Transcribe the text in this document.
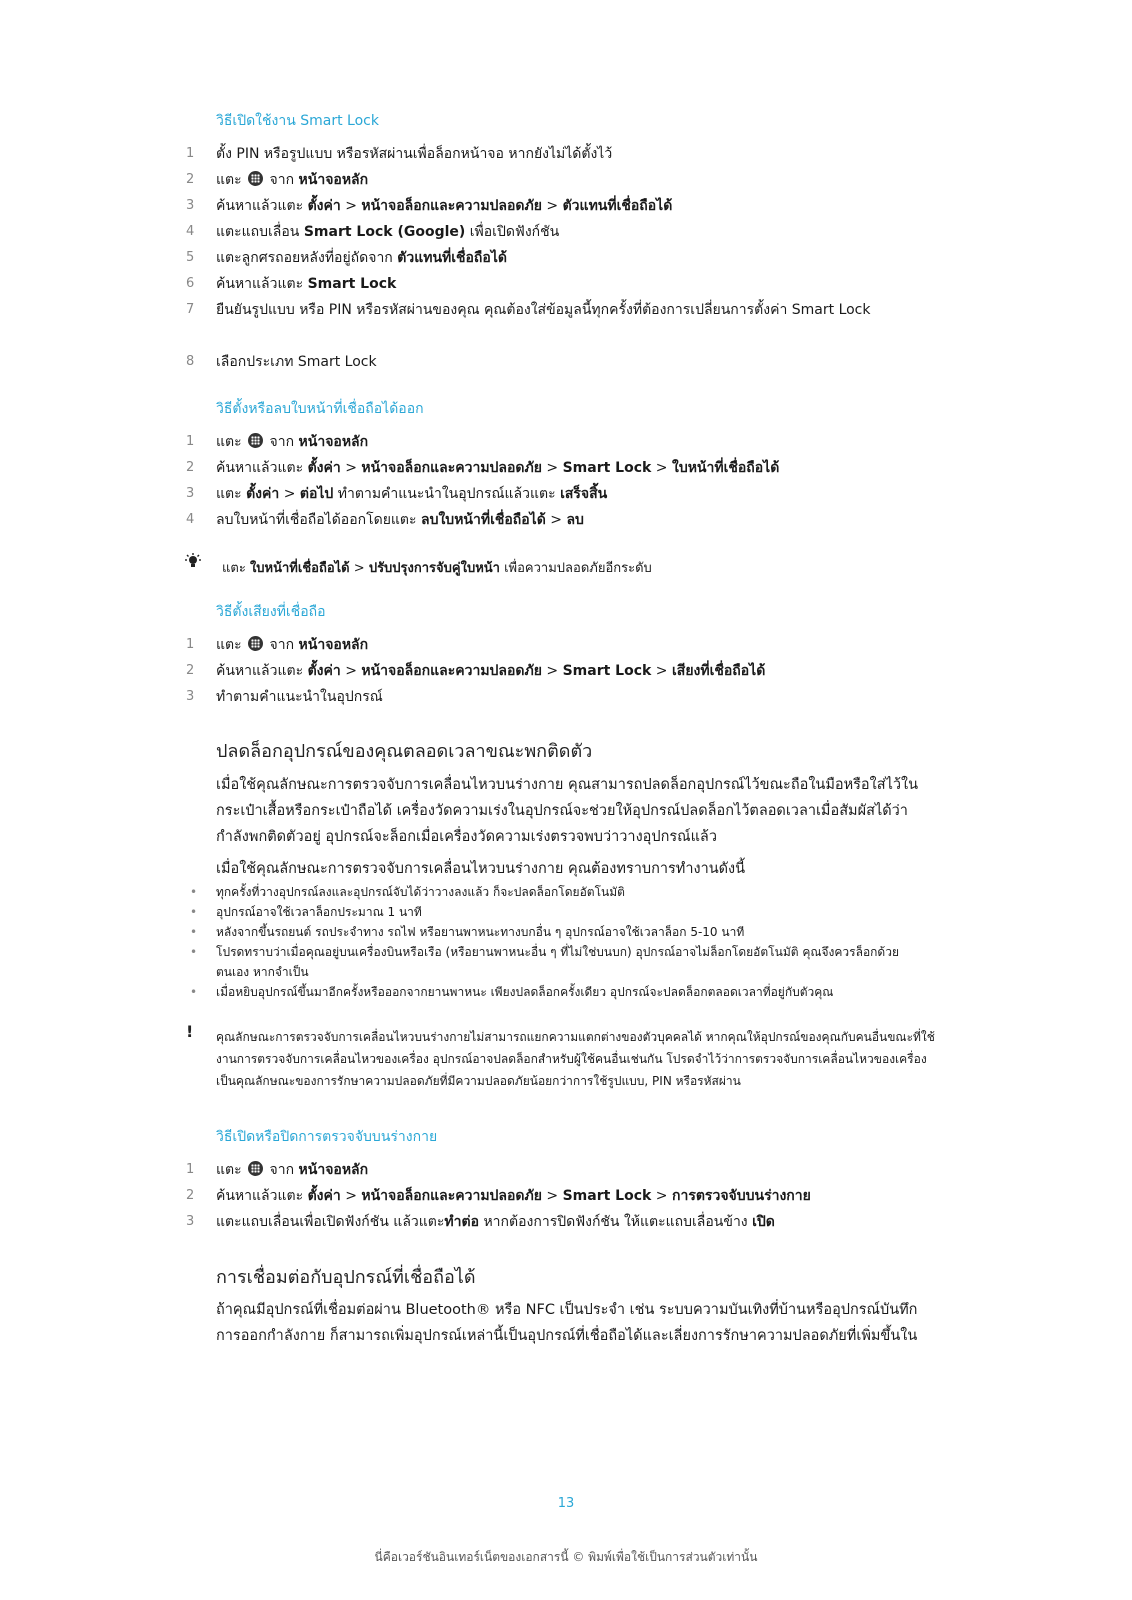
วิธีเปิดใช้งาน Smart Lock
1	ตั้ง PIN หรือรูปแบบ หรือรหัสผ่านเพื่อล็อกหน้าจอ หากยังไม่ได้ตั้งไว้
2	แตะ จาก หน้าจอหลัก
3	ค้นหาแล้วแตะ ตั้งค่า > หน้าจอล็อกและความปลอดภัย > ตัวแทนที่เชื่อถือได้
4	แตะแถบเลื่อน Smart Lock (Google) เพื่อเปิดฟังก์ชัน
5	แตะลูกศรถอยหลังที่อยู่ถัดจาก ตัวแทนที่เชื่อถือได้
6	ค้นหาแล้วแตะ Smart Lock
7	ยืนยันรูปแบบ หรือ PIN หรือรหัสผ่านของคุณ คุณต้องใส่ข้อมูลนี้ทุกครั้งที่ต้องการเปลี่ยนการตั้งค่า Smart Lock
8	เลือกประเภท Smart Lock
วิธีตั้งหรือลบใบหน้าที่เชื่อถือได้ออก
1	แตะ จาก หน้าจอหลัก
2	ค้นหาแล้วแตะ ตั้งค่า > หน้าจอล็อกและความปลอดภัย > Smart Lock > ใบหน้าที่เชื่อถือได้
3	แตะ ตั้งค่า > ต่อไป ทำตามคำแนะนำในอุปกรณ์แล้วแตะ เสร็จสิ้น
4	ลบใบหน้าที่เชื่อถือได้ออกโดยแตะ ลบใบหน้าที่เชื่อถือได้ > ลบ
แตะ ใบหน้าที่เชื่อถือได้ > ปรับปรุงการจับคู่ใบหน้า เพื่อความปลอดภัยอีกระดับ
วิธีตั้งเสียงที่เชื่อถือ
1	แตะ จาก หน้าจอหลัก
2	ค้นหาแล้วแตะ ตั้งค่า > หน้าจอล็อกและความปลอดภัย > Smart Lock > เสียงที่เชื่อถือได้
3	ทำตามคำแนะนำในอุปกรณ์
ปลดล็อกอุปกรณ์ของคุณตลอดเวลาขณะพกติดตัว
เมื่อใช้คุณลักษณะการตรวจจับการเคลื่อนไหวบนร่างกาย คุณสามารถปลดล็อกอุปกรณ์ไว้ขณะถือในมือหรือใส่ไว้ในกระเป๋าเสื้อหรือกระเป๋าถือได้ เครื่องวัดความเร่งในอุปกรณ์จะช่วยให้อุปกรณ์ปลดล็อกไว้ตลอดเวลาเมื่อสัมผัสได้ว่ากำลังพกติดตัวอยู่ อุปกรณ์จะล็อกเมื่อเครื่องวัดความเร่งตรวจพบว่าวางอุปกรณ์แล้ว
เมื่อใช้คุณลักษณะการตรวจจับการเคลื่อนไหวบนร่างกาย คุณต้องทราบการทำงานดังนี้
• ทุกครั้งที่วางอุปกรณ์ลงและอุปกรณ์จับได้ว่าวางลงแล้ว ก็จะปลดล็อกโดยอัตโนมัติ
• อุปกรณ์อาจใช้เวลาล็อกประมาณ 1 นาที
• หลังจากขึ้นรถยนต์ รถประจำทาง รถไฟ หรือยานพาหนะทางบกอื่น ๆ อุปกรณ์อาจใช้เวลาล็อก 5-10 นาที
• โปรดทราบว่าเมื่อคุณอยู่บนเครื่องบินหรือเรือ (หรือยานพาหนะอื่น ๆ ที่ไม่ใช่บนบก) อุปกรณ์อาจไม่ล็อกโดยอัตโนมัติ คุณจึงควรล็อกด้วยตนเอง หากจำเป็น
• เมื่อหยิบอุปกรณ์ขึ้นมาอีกครั้งหรือออกจากยานพาหนะ เพียงปลดล็อกครั้งเดียว อุปกรณ์จะปลดล็อกตลอดเวลาที่อยู่กับตัวคุณ
! คุณลักษณะการตรวจจับการเคลื่อนไหวบนร่างกายไม่สามารถแยกความแตกต่างของตัวบุคคลได้ หากคุณให้อุปกรณ์ของคุณกับคนอื่นขณะที่ใช้งานการตรวจจับการเคลื่อนไหวของเครื่อง อุปกรณ์อาจปลดล็อกสำหรับผู้ใช้คนอื่นเช่นกัน โปรดจำไว้ว่าการตรวจจับการเคลื่อนไหวของเครื่องเป็นคุณลักษณะของการรักษาความปลอดภัยที่มีความปลอดภัยน้อยกว่าการใช้รูปแบบ, PIN หรือรหัสผ่าน
วิธีเปิดหรือปิดการตรวจจับบนร่างกาย
1	แตะ จาก หน้าจอหลัก
2	ค้นหาแล้วแตะ ตั้งค่า > หน้าจอล็อกและความปลอดภัย > Smart Lock > การตรวจจับบนร่างกาย
3	แตะแถบเลื่อนเพื่อเปิดฟังก์ชัน แล้วแตะทำต่อ หากต้องการปิดฟังก์ชัน ให้แตะแถบเลื่อนข้าง เปิด
การเชื่อมต่อกับอุปกรณ์ที่เชื่อถือได้
ถ้าคุณมีอุปกรณ์ที่เชื่อมต่อผ่าน Bluetooth® หรือ NFC เป็นประจำ เช่น ระบบความบันเทิงที่บ้านหรืออุปกรณ์บันทึกการออกกำลังกาย ก็สามารถเพิ่มอุปกรณ์เหล่านี้เป็นอุปกรณ์ที่เชื่อถือได้และเลี่ยงการรักษาความปลอดภัยที่เพิ่มขึ้นใน
13
นี่คือเวอร์ชันอินเทอร์เน็ตของเอกสารนี้ © พิมพ์เพื่อใช้เป็นการส่วนตัวเท่านั้น
